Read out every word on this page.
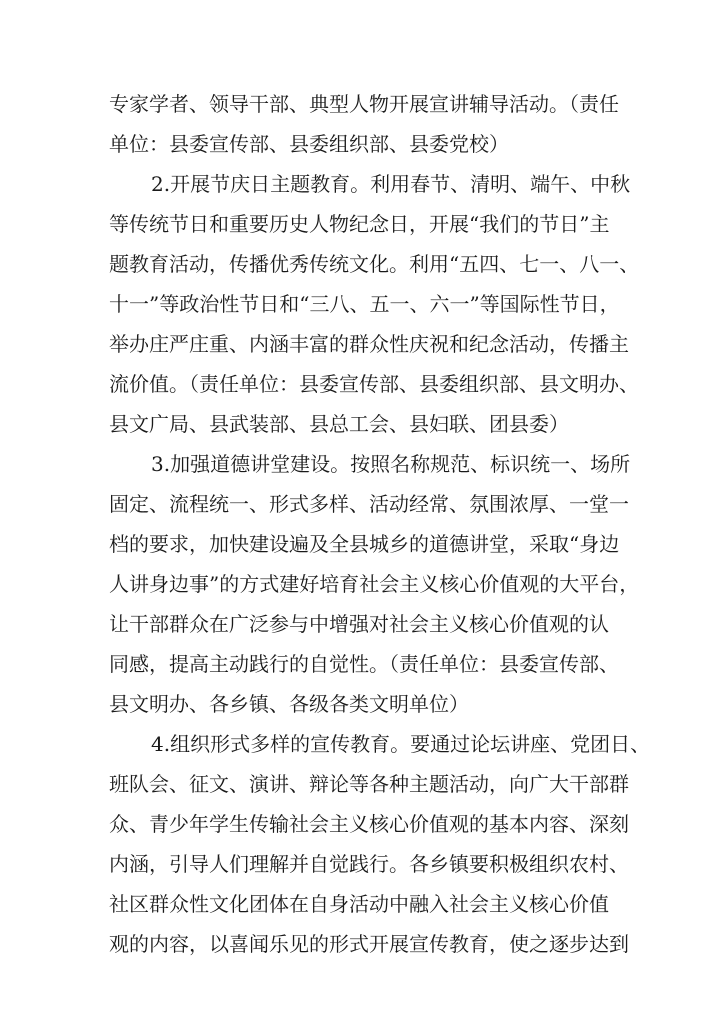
专家学者、领导干部、典型人物开展宣讲辅导活动。（责任
单位：县委宣传部、县委组织部、县委党校）
2.开展节庆日主题教育。利用春节、清明、端午、中秋
等传统节日和重要历史人物纪念日，开展“我们的节日”主
题教育活动，传播优秀传统文化。利用“五四、七一、八一、
十一”等政治性节日和“三八、五一、六一”等国际性节日，
举办庄严庄重、内涵丰富的群众性庆祝和纪念活动，传播主
流价值。（责任单位：县委宣传部、县委组织部、县文明办、
县文广局、县武装部、县总工会、县妇联、团县委）
3.加强道德讲堂建设。按照名称规范、标识统一、场所
固定、流程统一、形式多样、活动经常、氛围浓厚、一堂一
档的要求，加快建设遍及全县城乡的道德讲堂，采取“身边
人讲身边事”的方式建好培育社会主义核心价值观的大平台，
让干部群众在广泛参与中增强对社会主义核心价值观的认
同感，提高主动践行的自觉性。（责任单位：县委宣传部、
县文明办、各乡镇、各级各类文明单位）
4.组织形式多样的宣传教育。要通过论坛讲座、党团日、
班队会、征文、演讲、辩论等各种主题活动，向广大干部群
众、青少年学生传输社会主义核心价值观的基本内容、深刻
内涵，引导人们理解并自觉践行。各乡镇要积极组织农村、
社区群众性文化团体在自身活动中融入社会主义核心价值
观的内容，以喜闻乐见的形式开展宣传教育，使之逐步达到
